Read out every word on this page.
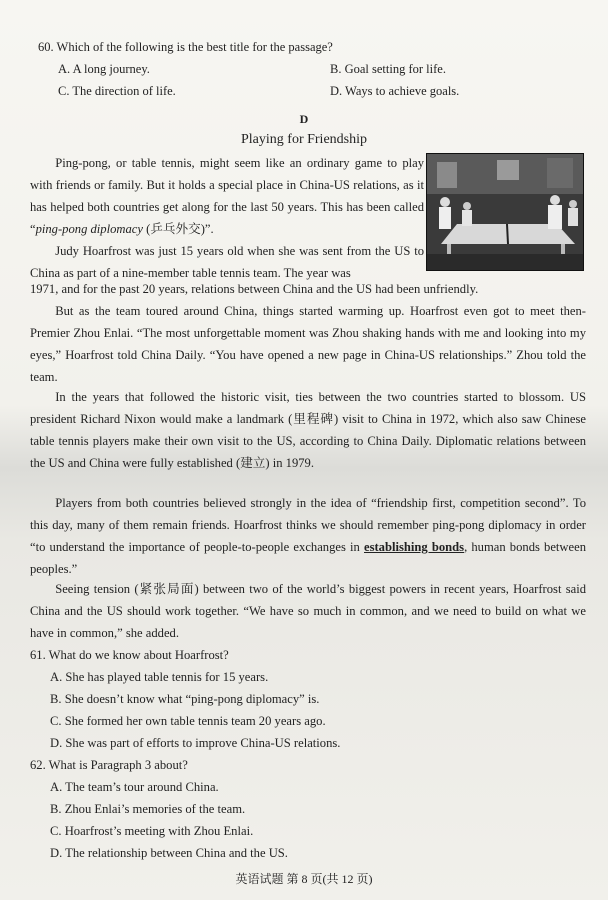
60. Which of the following is the best title for the passage?
A. A long journey.	B. Goal setting for life.
C. The direction of life.	D. Ways to achieve goals.
D
Playing for Friendship

Ping-pong, or table tennis, might seem like an ordinary game to play with friends or family. But it holds a special place in China-US relations, as it has helped both countries get along for the last 50 years. This has been called “ping-pong diplomacy (乒乓外交)”.

Judy Hoarfrost was just 15 years old when she was sent from the US to China as part of a nine-member table tennis team. The year was

1971, and for the past 20 years, relations between China and the US had been unfriendly.

But as the team toured around China, things started warming up. Hoarfrost even got to meet then-Premier Zhou Enlai. “The most unforgettable moment was Zhou shaking hands with me and looking into my eyes,” Hoarfrost told China Daily. “You have opened a new page in China-US relationships.” Zhou told the team.

In the years that followed the historic visit, ties between the two countries started to blossom. US president Richard Nixon would make a landmark (里程碑) visit to China in 1972, which also saw Chinese table tennis players make their own visit to the US, according to China Daily. Diplomatic relations between the US and China were fully established (建立) in 1979.

Players from both countries believed strongly in the idea of “friendship first, competition second”. To this day, many of them remain friends. Hoarfrost thinks we should remember ping-pong diplomacy in order “to understand the importance of people-to-people exchanges in establishing bonds, human bonds between peoples.”

Seeing tension (紧张局面) between two of the world’s biggest powers in recent years, Hoarfrost said China and the US should work together. “We have so much in common, and we need to build on what we have in common,” she added.

61. What do we know about Hoarfrost?
A. She has played table tennis for 15 years.
B. She doesn’t know what “ping-pong diplomacy” is.
C. She formed her own table tennis team 20 years ago.
D. She was part of efforts to improve China-US relations.
62. What is Paragraph 3 about?
A. The team’s tour around China.
B. Zhou Enlai’s memories of the team.
C. Hoarfrost’s meeting with Zhou Enlai.
D. The relationship between China and the US.
英语试题 第 8 页(共 12 页)
